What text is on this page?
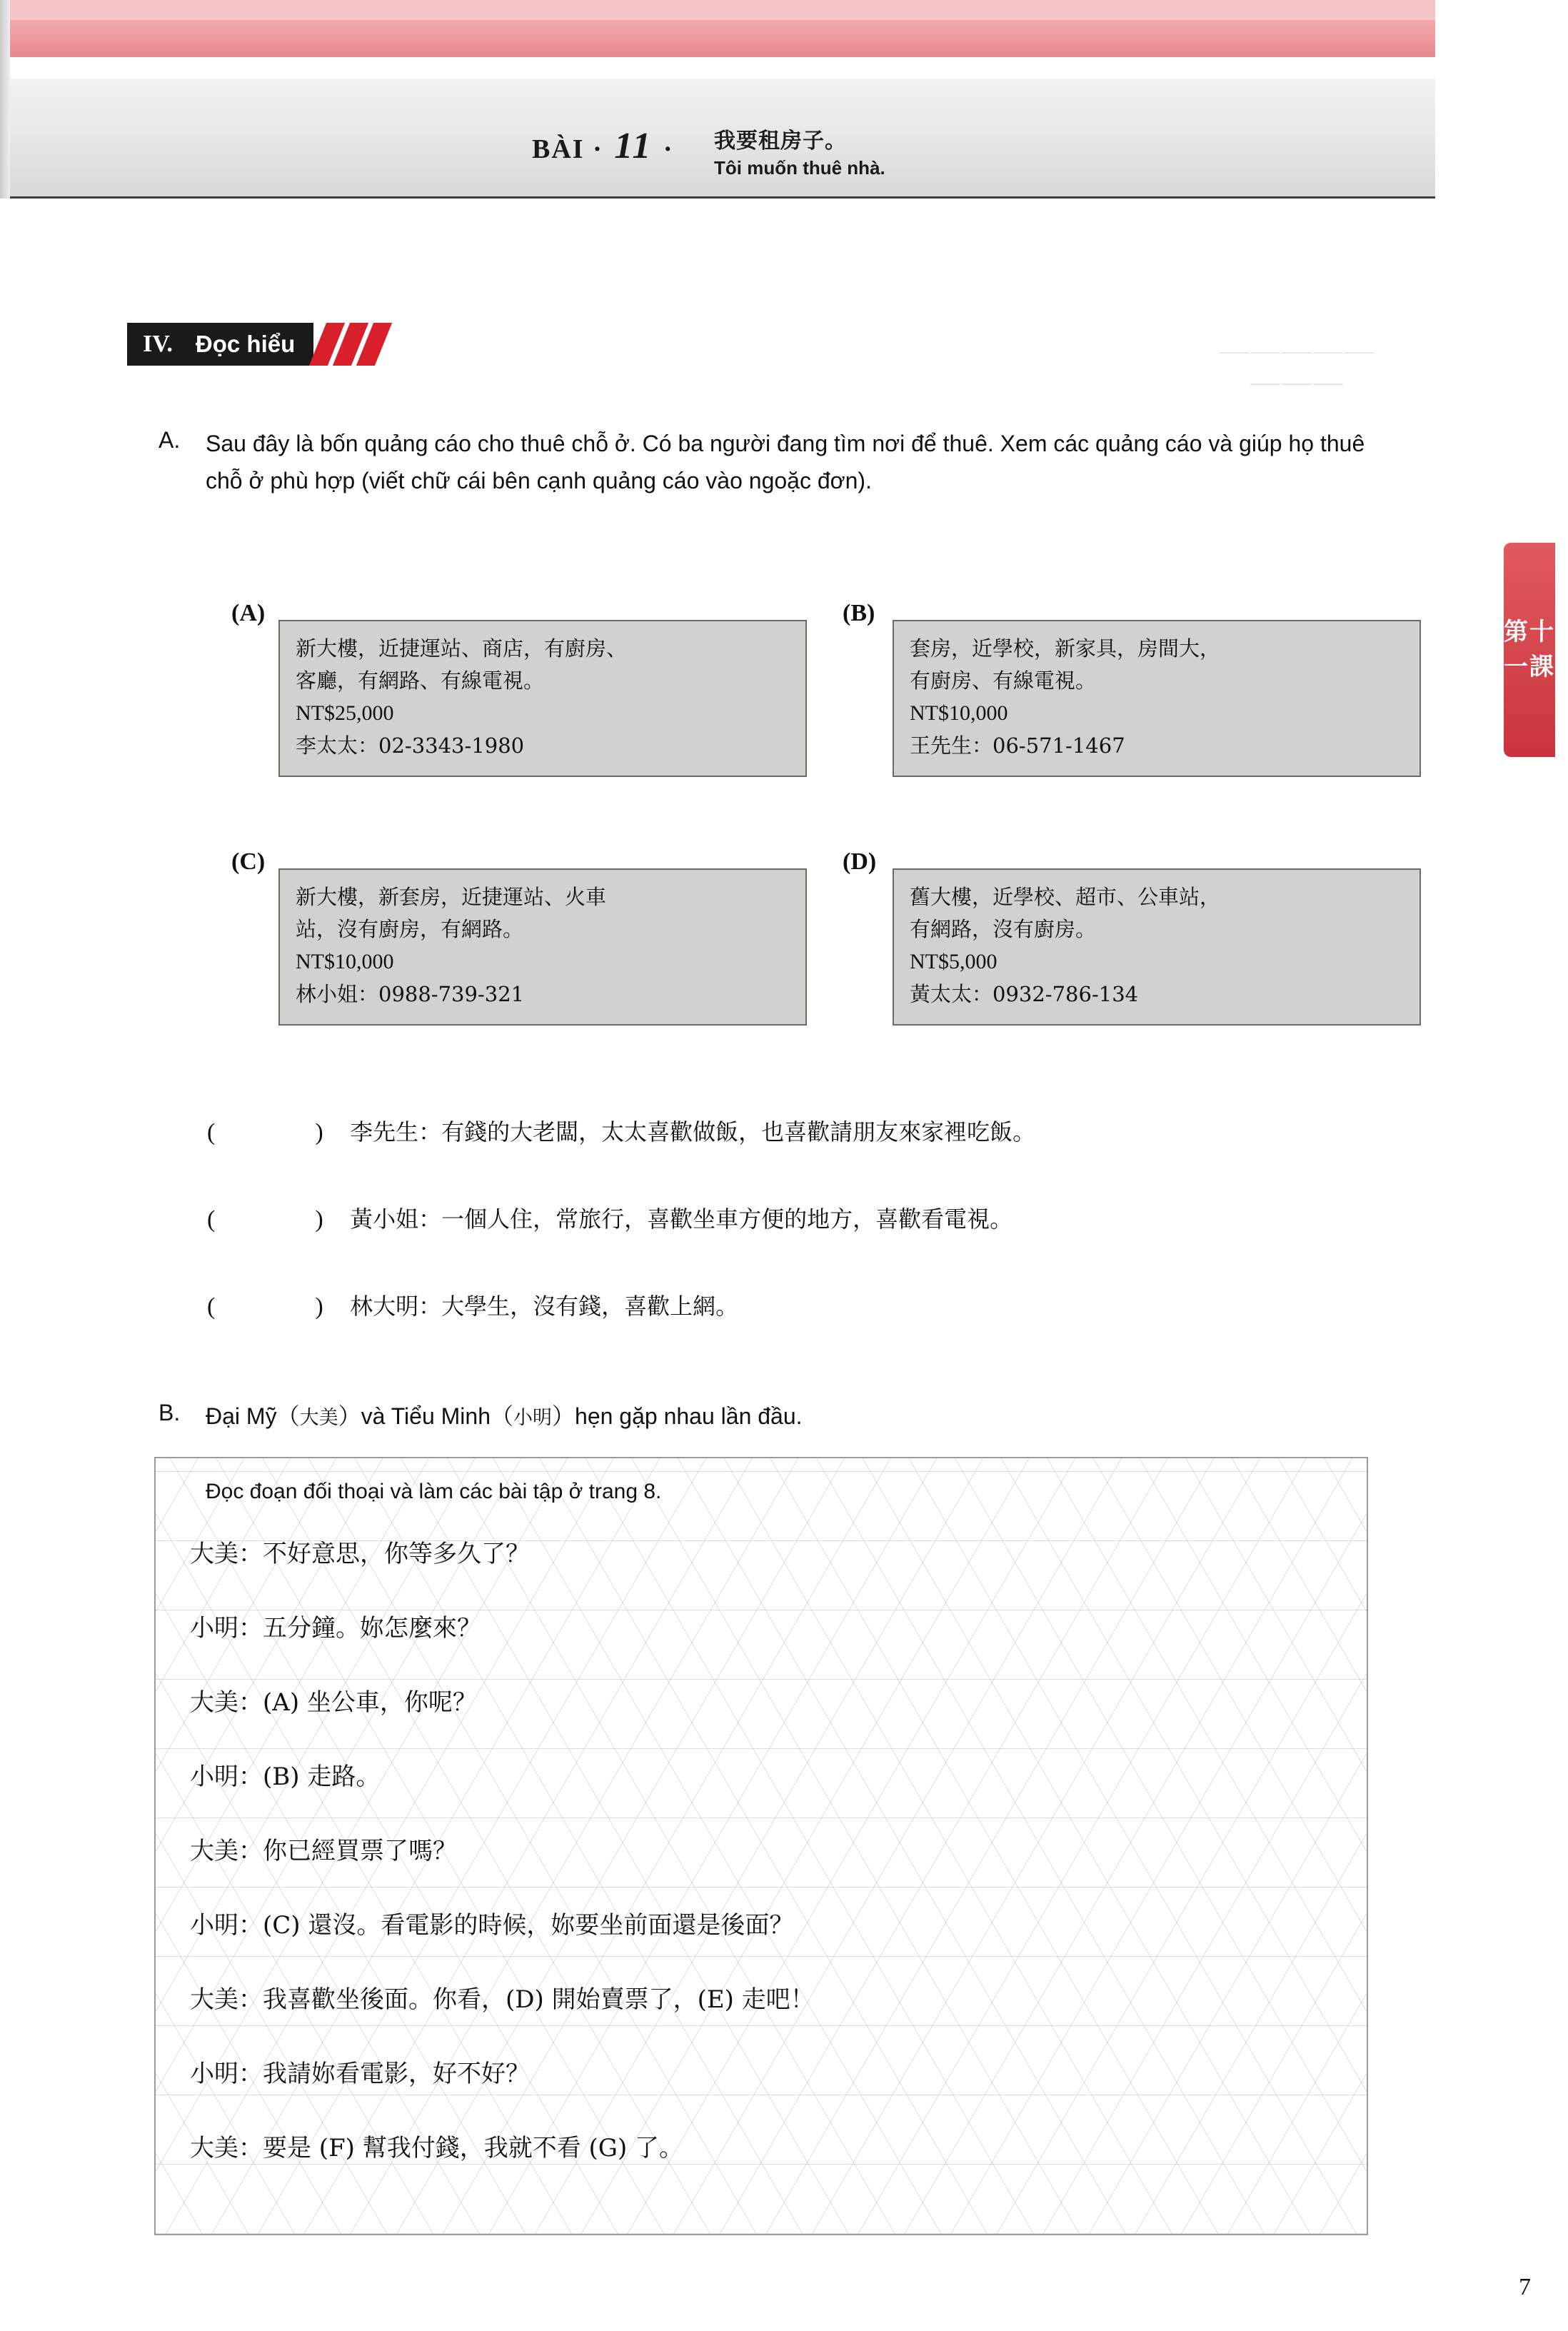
BÀI · 11 · 我要租房子。
Tôi muốn thuê nhà.
⸺⸺⸺⸺⸺
⸺⸺⸺
第十一課
IV. Đọc hiểu
A. Sau đây là bốn quảng cáo cho thuê chỗ ở. Có ba người đang tìm nơi để thuê. Xem các quảng cáo và giúp họ thuê chỗ ở phù hợp (viết chữ cái bên cạnh quảng cáo vào ngoặc đơn).
(A)
新大樓，近捷運站、商店，有廚房、
客廳，有網路、有線電視。
NT$25,000
李太太：02-3343-1980
(B)
套房，近學校，新家具，房間大，
有廚房、有線電視。
NT$10,000
王先生：06-571-1467
(C)
新大樓，新套房，近捷運站、火車
站，沒有廚房，有網路。
NT$10,000
林小姐：0988-739-321
(D)
舊大樓，近學校、超市、公車站，
有網路，沒有廚房。
NT$5,000
黃太太：0932-786-134
(	) 李先生：有錢的大老闆，太太喜歡做飯，也喜歡請朋友來家裡吃飯。
(	) 黃小姐：一個人住，常旅行，喜歡坐車方便的地方，喜歡看電視。
(	) 林大明：大學生，沒有錢，喜歡上網。
B. Đại Mỹ（大美）và Tiểu Minh（小明）hẹn gặp nhau lần đầu.
Đọc đoạn đối thoại và làm các bài tập ở trang 8.
大美：不好意思，你等多久了？
小明：五分鐘。妳怎麼來？
大美：(A) 坐公車，你呢？
小明：(B) 走路。
大美：你已經買票了嗎？
小明：(C) 還沒。看電影的時候，妳要坐前面還是後面？
大美：我喜歡坐後面。你看，(D) 開始賣票了，(E) 走吧！
小明：我請妳看電影，好不好？
大美：要是 (F) 幫我付錢，我就不看 (G) 了。
7
